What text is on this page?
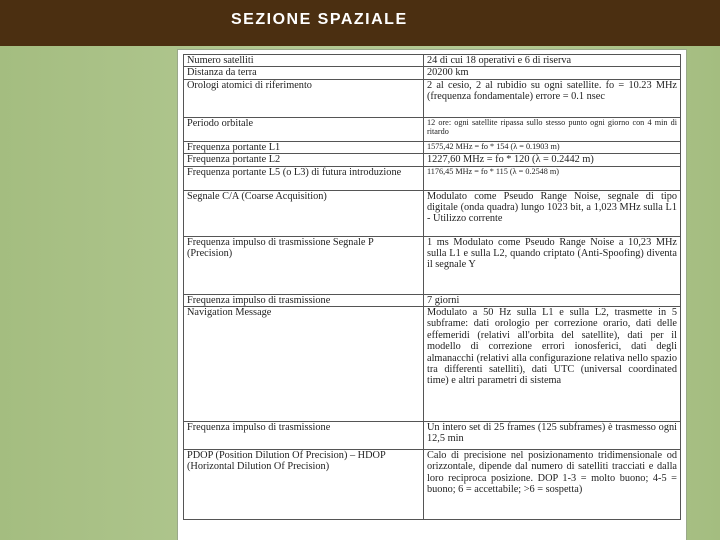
SEZIONE SPAZIALE
Numero satelliti	24 di cui 18 operativi e 6 di riserva
Distanza da terra	20200 km
Orologi atomici di riferimento	2 al cesio, 2 al rubidio su ogni satellite. fo = 10.23 MHz (frequenza fondamentale) errore = 0.1 nsec
Periodo orbitale	12 ore: ogni satellite ripassa sullo stesso punto ogni giorno con 4 min di ritardo
Frequenza portante L1	1575,42 MHz = fo * 154 (λ = 0.1903 m)
Frequenza portante L2	1227,60 MHz = fo * 120 (λ = 0.2442 m)
Frequenza portante L5 (o L3) di futura introduzione	1176,45 MHz = fo * 115 (λ = 0.2548 m)
Segnale C/A (Coarse Acquisition)	Modulato come Pseudo Range Noise, segnale di tipo digitale (onda quadra) lungo 1023 bit, a 1,023 MHz sulla L1 - Utilizzo corrente
Frequenza impulso di trasmissione Segnale P (Precision)	1 ms Modulato come Pseudo Range Noise a 10,23 MHz sulla L1 e sulla L2, quando criptato (Anti-Spoofing) diventa il segnale Y
Frequenza impulso di trasmissione	7 giorni
Navigation Message	Modulato a 50 Hz sulla L1 e sulla L2, trasmette in 5 subframe: dati orologio per correzione orario, dati delle effemeridi (relativi all'orbita del satellite), dati per il modello di correzione errori ionosferici, dati degli almanacchi (relativi alla configurazione relativa nello spazio tra differenti satelliti), dati UTC (universal coordinated time) e altri parametri di sistema
Frequenza impulso di trasmissione	Un intero set di 25 frames (125 subframes) è trasmesso ogni 12,5 min
PDOP (Position Dilution Of Precision) – HDOP (Horizontal Dilution Of Precision)	Calo di precisione nel posizionamento tridimensionale od orizzontale, dipende dal numero di satelliti tracciati e dalla loro reciproca posizione. DOP 1-3 = molto buono; 4-5 = buono; 6 = accettabile; >6 = sospetta)
